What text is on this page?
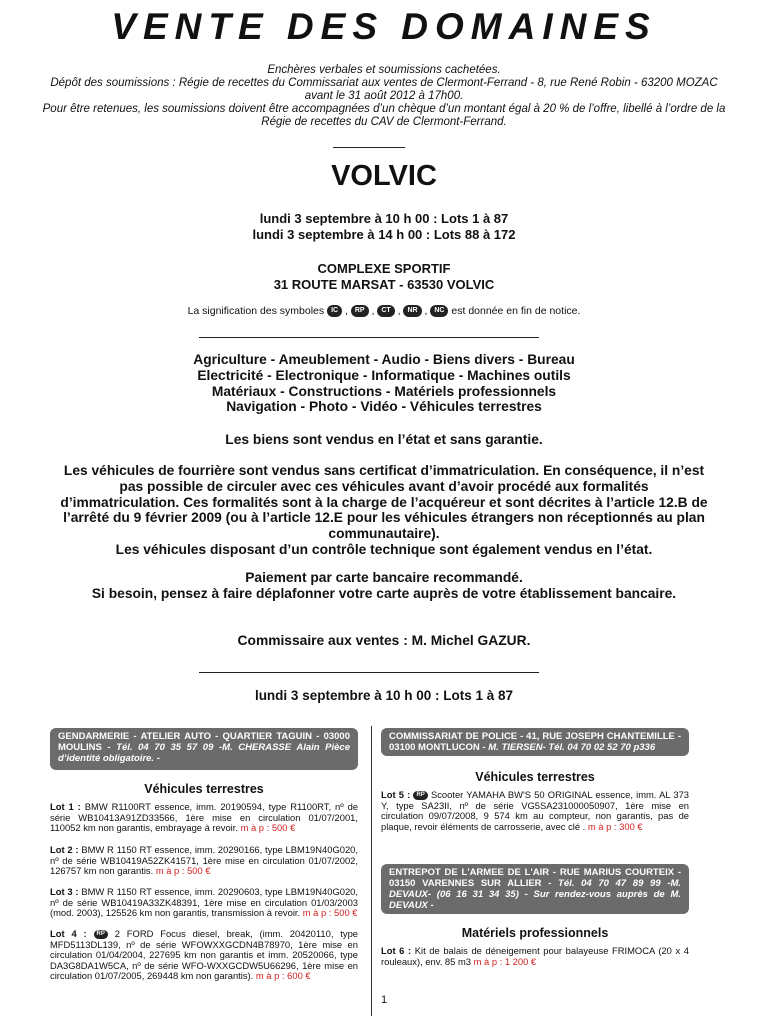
VENTE DES DOMAINES
Enchères verbales et soumissions cachetées.
Dépôt des soumissions : Régie de recettes du Commissariat aux ventes de Clermont-Ferrand - 8, rue René Robin - 63200 MOZAC avant le 31 août 2012 à 17h00.
Pour être retenues, les soumissions doivent être accompagnées d’un chèque d’un montant égal à 20 % de l’offre, libellé à l’ordre de la Régie de recettes du CAV de Clermont-Ferrand.
VOLVIC
lundi 3 septembre à 10 h 00 : Lots 1 à 87
lundi 3 septembre à 14 h 00 : Lots 88 à 172
COMPLEXE SPORTIF
31 ROUTE MARSAT - 63530 VOLVIC
La signification des symboles IC , RP , CT , NR , NC est donnée en fin de notice.

Agriculture - Ameublement - Audio - Biens divers - Bureau

Electricité - Electronique - Informatique - Machines outils

Matériaux - Constructions - Matériels professionnels

Navigation - Photo - Vidéo - Véhicules terrestres

Les biens sont vendus en l’état et sans garantie.

Les véhicules de fourrière sont vendus sans certificat d’immatriculation. En conséquence, il n’est pas possible de circuler avec ces véhicules avant d’avoir procédé aux formalités d’immatriculation. Ces formalités sont à la charge de l’acquéreur et sont décrites à l’article 12.B de l’arrêté du 9 février 2009 (ou à l’article 12.E pour les véhicules étrangers non réceptionnés au plan communautaire).

Les véhicules disposant d’un contrôle technique sont également vendus en l’état.

Paiement par carte bancaire recommandé.

Si besoin, pensez à faire déplafonner votre carte auprès de votre établissement bancaire.

Commissaire aux ventes : M. Michel GAZUR.
lundi 3 septembre à 10 h 00 : Lots 1 à 87
GENDARMERIE - ATELIER AUTO - QUARTIER TAGUIN - 03000 MOULINS - Tél. 04 70 35 57 09 -M. CHERASSE Alain Pièce d’identité obligatoire. -
Véhicules terrestres
Lot 1 : BMW R1100RT essence, imm. 20190594, type R1100RT, nº de série WB10413A91ZD33566, 1ère mise en circulation 01/07/2001, 110052 km non garantis, embrayage à revoir. m à p : 500 €
Lot 2 : BMW R 1150 RT essence, imm. 20290166, type LBM19N40G020, nº de série WB10419A52ZK41571, 1ère mise en circulation 01/07/2002, 126757 km non garantis. m à p : 500 €
Lot 3 : BMW R 1150 RT essence, imm. 20290603, type LBM19N40G020, nº de série WB10419A33ZK48391, 1ère mise en circulation 01/03/2003 (mod. 2003), 125526 km non garantis, transmission à revoir. m à p : 500 €
Lot 4 : RP 2 FORD Focus diesel, break, (imm. 20420110, type MFD5113DL139, nº de série WFOWXXGCDN4B78970, 1ère mise en circulation 01/04/2004, 227695 km non garantis et imm. 20520066, type DA3G8DA1W5CA, nº de série WFO-WXXGCDW5U66296, 1ère mise en circulation 01/07/2005, 269448 km non garantis). m à p : 600 €
COMMISSARIAT DE POLICE - 41, RUE JOSEPH CHANTEMILLE - 03100 MONTLUCON - M. TIERSEN- Tél. 04 70 02 52 70 p336
Véhicules terrestres
Lot 5 : RP Scooter YAMAHA BW'S 50 ORIGINAL essence, imm. AL 373 Y, type SA23II, nº de série VG5SA231000050907, 1ère mise en circulation 09/07/2008, 9 574 km au compteur, non garantis, pas de plaque, revoir éléments de carrosserie, avec clé . m à p : 300 €
ENTREPOT DE L'ARMEE DE L'AIR - RUE MARIUS COURTEIX - 03150 VARENNES SUR ALLIER - Tél. 04 70 47 89 99 -M. DEVAUX- (06 16 31 34 35) - Sur rendez-vous auprès de M. DEVAUX -
Matériels professionnels
Lot 6 : Kit de balais de déneigement pour balayeuse FRIMOCA (20 x 4 rouleaux), env. 85 m3 m à p : 1 200 €
1
